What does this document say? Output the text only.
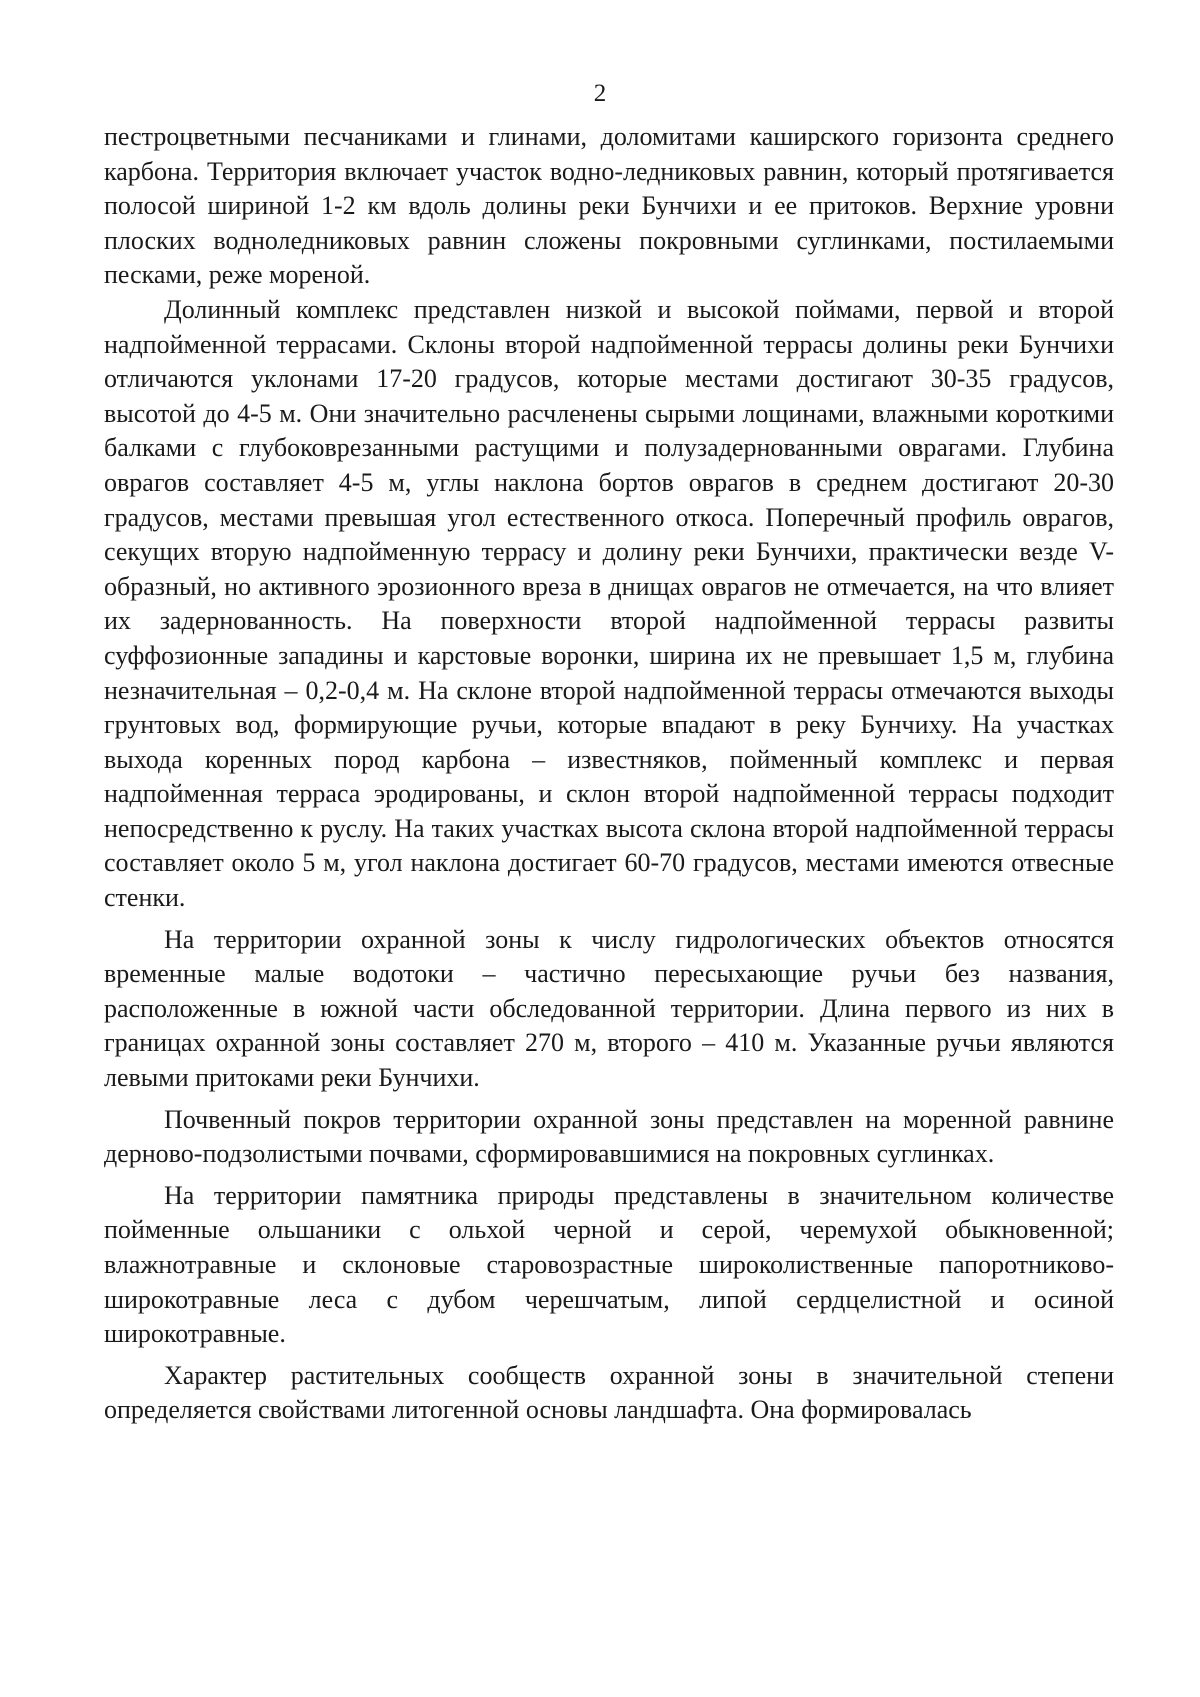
2

пестроцветными песчаниками и глинами, доломитами каширского горизонта среднего карбона. Территория включает участок водно-ледниковых равнин, который протягивается полосой шириной 1-2 км вдоль долины реки Бунчихи и ее притоков. Верхние уровни плоских водноледниковых равнин сложены покровными суглинками, постилаемыми песками, реже мореной.

Долинный комплекс представлен низкой и высокой поймами, первой и второй надпойменной террасами. Склоны второй надпойменной террасы долины реки Бунчихи отличаются уклонами 17-20 градусов, которые местами достигают 30-35 градусов, высотой до 4-5 м. Они значительно расчленены сырыми лощинами, влажными короткими балками с глубоковрезанными растущими и полузадернованными оврагами. Глубина оврагов составляет 4-5 м, углы наклона бортов оврагов в среднем достигают 20-30 градусов, местами превышая угол естественного откоса. Поперечный профиль оврагов, секущих вторую надпойменную террасу и долину реки Бунчихи, практически везде V-образный, но активного эрозионного вреза в днищах оврагов не отмечается, на что влияет их задернованность. На поверхности второй надпойменной террасы развиты суффозионные западины и карстовые воронки, ширина их не превышает 1,5 м, глубина незначительная – 0,2-0,4 м. На склоне второй надпойменной террасы отмечаются выходы грунтовых вод, формирующие ручьи, которые впадают в реку Бунчиху. На участках выхода коренных пород карбона – известняков, пойменный комплекс и первая надпойменная терраса эродированы, и склон второй надпойменной террасы подходит непосредственно к руслу. На таких участках высота склона второй надпойменной террасы составляет около 5 м, угол наклона достигает 60-70 градусов, местами имеются отвесные стенки.

На территории охранной зоны к числу гидрологических объектов относятся временные малые водотоки – частично пересыхающие ручьи без названия, расположенные в южной части обследованной территории. Длина первого из них в границах охранной зоны составляет 270 м, второго – 410 м. Указанные ручьи являются левыми притоками реки Бунчихи.

Почвенный покров территории охранной зоны представлен на моренной равнине дерново-подзолистыми почвами, сформировавшимися на покровных суглинках.

На территории памятника природы представлены в значительном количестве пойменные ольшаники с ольхой черной и серой, черемухой обыкновенной; влажнотравные и склоновые старовозрастные широколиственные папоротниково-широкотравные леса с дубом черешчатым, липой сердцелистной и осиной широкотравные.

Характер растительных сообществ охранной зоны в значительной степени определяется свойствами литогенной основы ландшафта. Она формировалась
